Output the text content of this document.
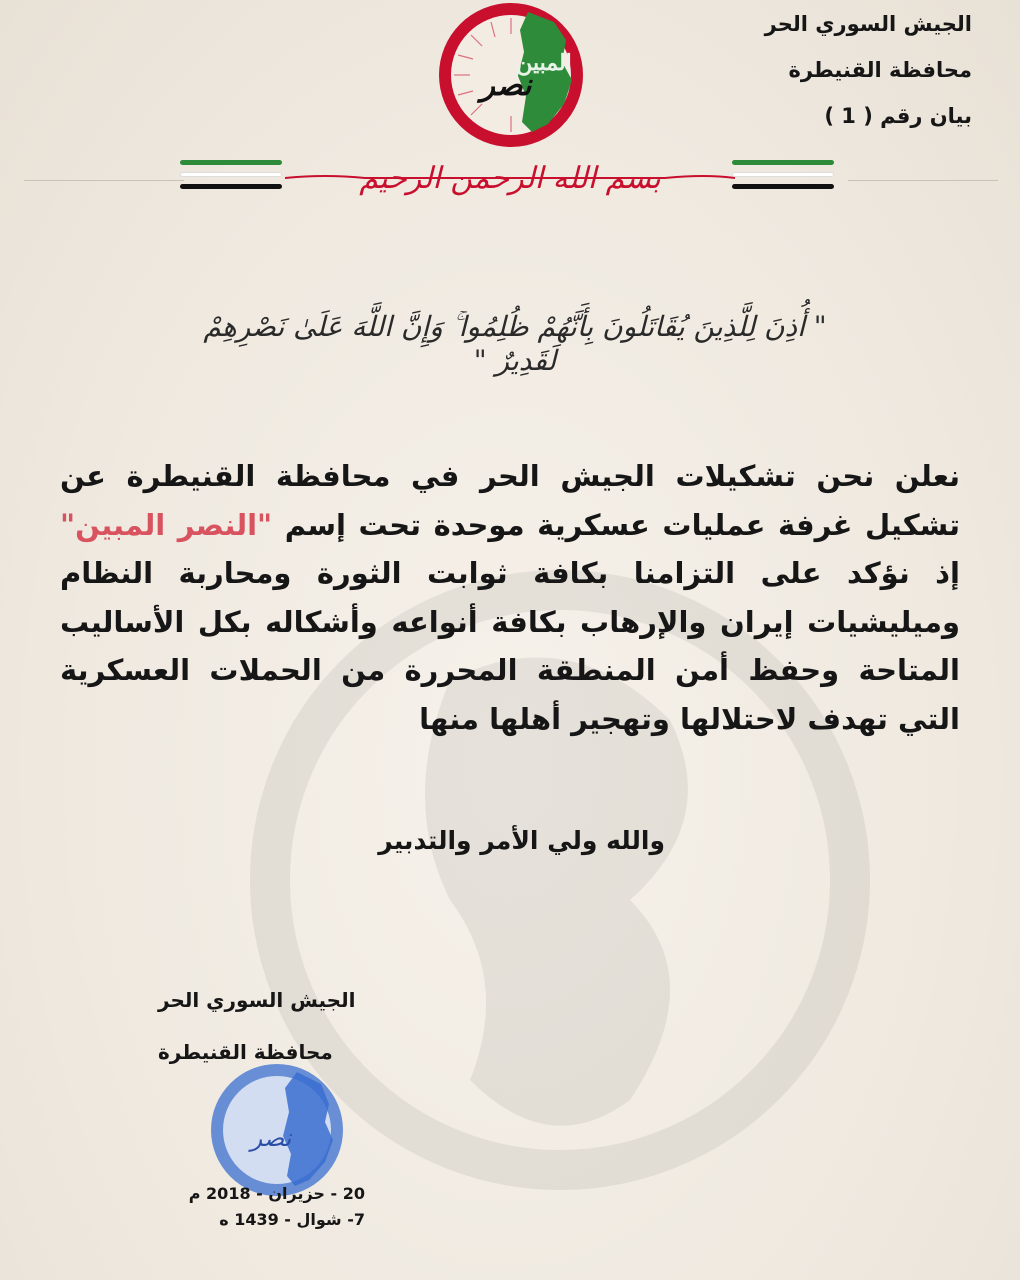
الجيش السوري الحر
محافظة القنيطرة
بيان رقم ( 1 )
نصر
المبين
بسم الله الرحمن الرحيم
" أُذِنَ لِلَّذِينَ يُقَاتَلُونَ بِأَنَّهُمْ ظُلِمُوا ۚ وَإِنَّ اللَّهَ عَلَىٰ نَصْرِهِمْ لَقَدِيرٌ "
نعلن نحن تشكيلات الجيش الحر في محافظة القنيطرة عن تشكيل غرفة عمليات عسكرية موحدة تحت إسم "النصر المبين" إذ نؤكد على التزامنا بكافة ثوابت الثورة ومحاربة النظام وميليشيات إيران والإرهاب بكافة أنواعه وأشكاله بكل الأساليب المتاحة وحفظ أمن المنطقة المحررة من الحملات العسكرية التي تهدف لاحتلالها وتهجير أهلها منها
والله ولي الأمر والتدبير
الجيش السوري الحر
محافظة القنيطرة
نصر
20 - حزيران - 2018 م
7- شوال - 1439 ه
